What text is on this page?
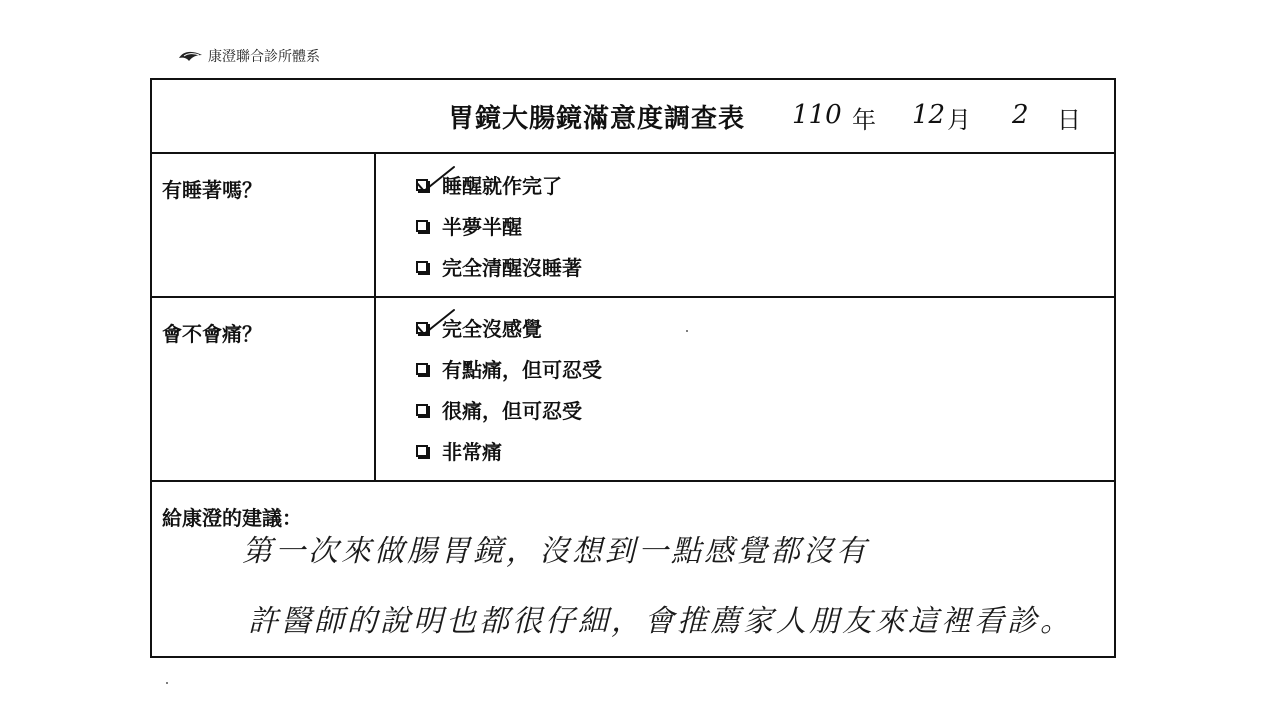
康澄聯合診所體系
胃鏡大腸鏡滿意度調查表 110 年 12 月 2 日
有睡著嗎？	睡醒就作完了
半夢半醒
完全清醒沒睡著
會不會痛？	完全沒感覺
有點痛，但可忍受
很痛，但可忍受
非常痛
給康澄的建議：
第一次來做腸胃鏡，沒想到一點感覺都沒有
許醫師的說明也都很仔細，會推薦家人朋友來這裡看診。
